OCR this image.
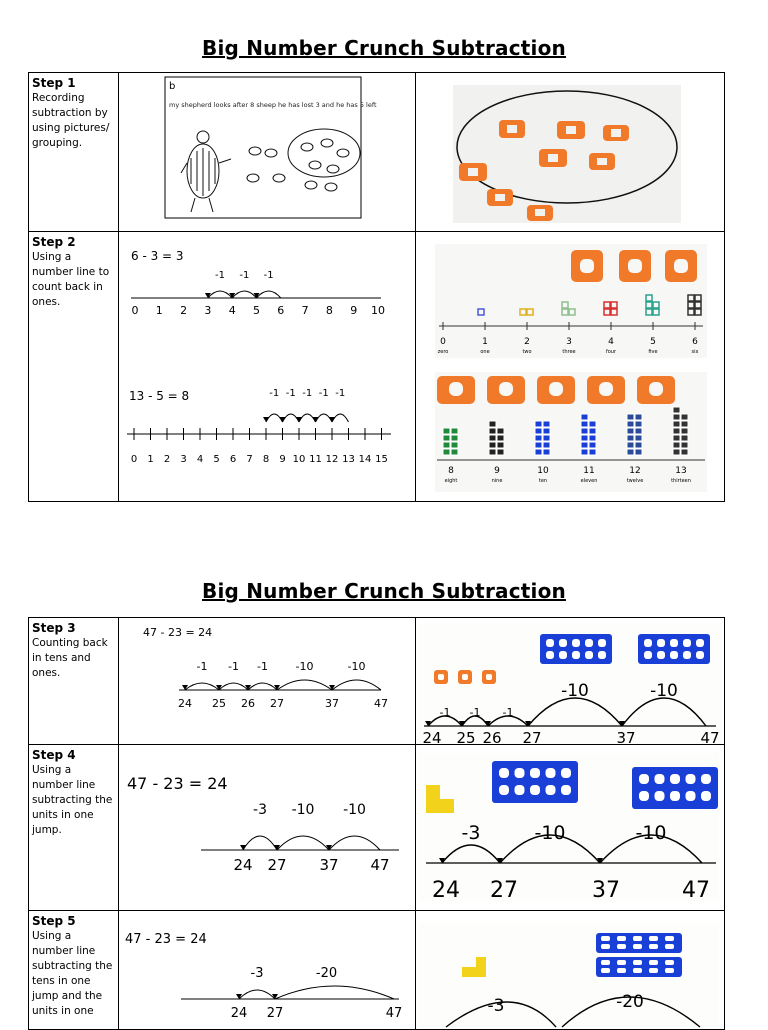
Big Number Crunch Subtraction
Big Number Crunch Subtraction
Step 1
Recording subtraction by using pictures/ grouping.
b
my shepherd looks after 8 sheep he has lost 3 and he has 5 left
Step 2
Using a number line to count back in ones.
6 - 3 = 3
13 - 5 = 8
0 1 2 3 4 5 6 7 8 9 10
-1
-1
-1
0 1 2 3 4 5 6 7 8 9 10 11 12 13 14 15
-1
-1
-1
-1
-1
0
zero
1
one
2
two
3
three
4
four
5
five
6
six
8
eight
9
nine
10
ten
11
eleven
12
twelve
13
thirteen
Step 3
Counting back in tens and ones.
47 - 23 = 24
24 25 26 27	37	47
-1 -1 -1	-10	-10
-1 -1 -1
-10	-10
24 25 26 27	37	47
Step 4
Using a number line subtracting the units in one jump.
47 - 23 = 24
24 27 37 47
-3 -10 -10
-3	-10	-10
24 27	37	47
Step 5
Using a number line subtracting the tens in one jump and the units in one
47 - 23 = 24
24 27	47
-3	-20
-3	-20
